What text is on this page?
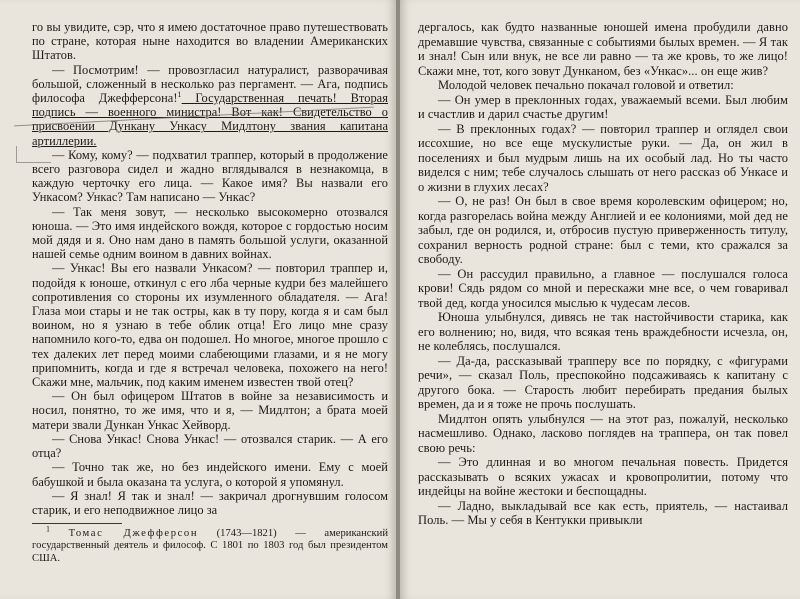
го вы увидите, сэр, что я имею достаточное право путешествовать по стране, которая ныне находится во владении Американских Штатов.

— Посмотрим! — провозгласил натуралист, разворачивая большой, сложенный в несколько раз пергамент. — Ага, подпись философа Джефферсона!$^1$ Государственная печать! Вторая подпись — военного министра! Вот как! Свидетельство о присвоении Дункану Ункасу Мидлтону звания капитана артиллерии.

— Кому, кому? — подхватил траппер, который в продолжение всего разговора сидел и жадно вглядывался в незнакомца, в каждую черточку его лица. — Какое имя? Вы назвали его Ункасом? Ункас? Там написано — Ункас?

— Так меня зовут, — несколько высокомерно отозвался юноша. — Это имя индейского вождя, которое с гордостью носим мой дядя и я. Оно нам дано в память большой услуги, оказанной нашей семье одним воином в давних войнах.

— Ункас! Вы его назвали Ункасом? — повторил траппер и, подойдя к юноше, откинул с его лба черные кудри без малейшего сопротивления со стороны их изумленного обладателя. — Ага! Глаза мои стары и не так остры, как в ту пору, когда я и сам был воином, но я узнаю в тебе облик отца! Его лицо мне сразу напомнило кого-то, едва он подошел. Но многое, многое прошло с тех далеких лет перед моими слабеющими глазами, и я не могу припомнить, когда и где я встречал человека, похожего на него! Скажи мне, мальчик, под каким именем известен твой отец?

— Он был офицером Штатов в войне за независимость и носил, понятно, то же имя, что и я, — Мидлтон; а брата моей матери звали Дункан Ункас Хейворд.

— Снова Ункас! Снова Ункас! — отозвался старик. — А его отца?

— Точно так же, но без индейского имени. Ему с моей бабушкой и была оказана та услуга, о которой я упомянул.

— Я знал! Я так и знал! — закричал дрогнувшим голосом старик, и его неподвижное лицо за

$^1$ Томас Джефферсон (1743—1821) — американский государственный деятель и философ. С 1801 по 1803 год был президентом США.

дергалось, как будто названные юношей имена пробудили давно дремавшие чувства, связанные с событиями былых времен. — Я так и знал! Сын или внук, не все ли равно — та же кровь, то же лицо! Скажи мне, тот, кого зовут Дунканом, без «Ункас»... он еще жив?

Молодой человек печально покачал головой и ответил:

— Он умер в преклонных годах, уважаемый всеми. Был любим и счастлив и дарил счастье другим!

— В преклонных годах? — повторил траппер и оглядел свои иссохшие, но все еще мускулистые руки. — Да, он жил в поселениях и был мудрым лишь на их особый лад. Но ты часто виделся с ним; тебе случалось слышать от него рассказ об Ункасе и о жизни в глухих лесах?

— О, не раз! Он был в свое время королевским офицером; но, когда разгорелась война между Англией и ее колониями, мой дед не забыл, где он родился, и, отбросив пустую приверженность титулу, сохранил верность родной стране: был с теми, кто сражался за свободу.

— Он рассудил правильно, а главное — послушался голоса крови! Сядь рядом со мной и перескажи мне все, о чем говаривал твой дед, когда уносился мыслью к чудесам лесов.

Юноша улыбнулся, дивясь не так настойчивости старика, как его волнению; но, видя, что всякая тень враждебности исчезла, он, не колеблясь, послушался.

— Да-да, рассказывай трапперу все по порядку, с «фигурами речи», — сказал Поль, преспокойно подсаживаясь к капитану с другого бока. — Старость любит перебирать предания былых времен, да и я тоже не прочь послушать.

Мидлтон опять улыбнулся — на этот раз, пожалуй, несколько насмешливо. Однако, ласково поглядев на траппера, он так повел свою речь:

— Это длинная и во многом печальная повесть. Придется рассказывать о всяких ужасах и кровопролитии, потому что индейцы на войне жестоки и беспощадны.

— Ладно, выкладывай все как есть, приятель, — настаивал Поль. — Мы у себя в Кентукки привыкли
